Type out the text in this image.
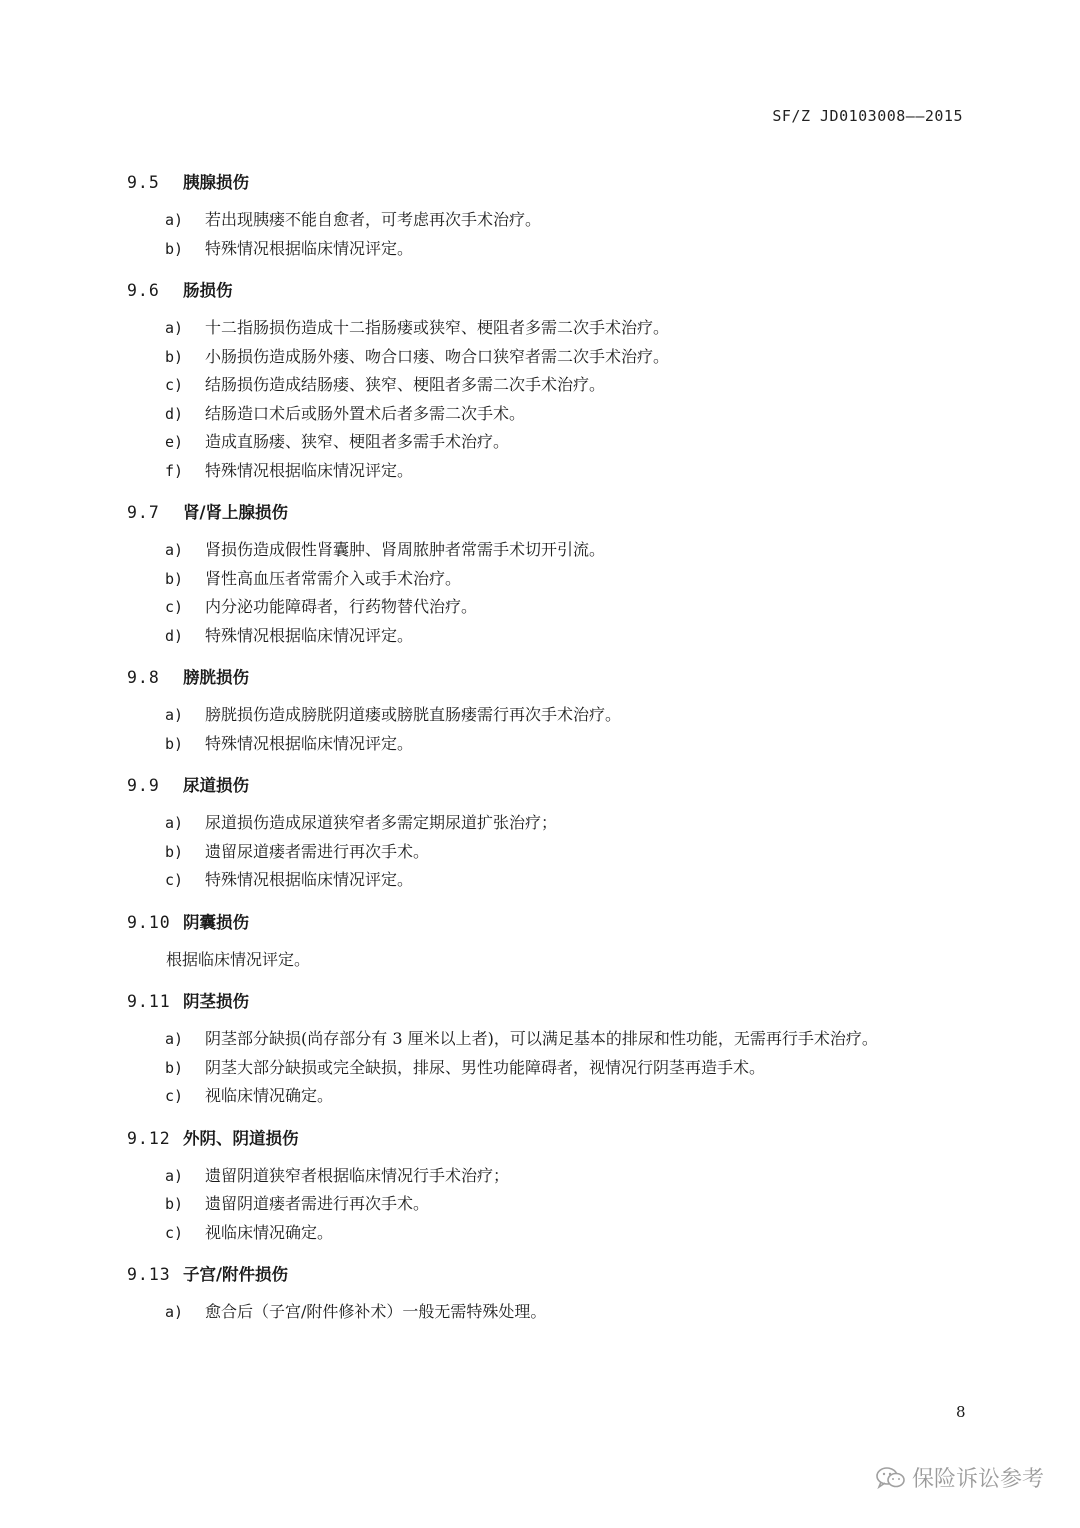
SF/Z JD0103008——2015
9.5 胰腺损伤
a) 若出现胰瘘不能自愈者，可考虑再次手术治疗。
b) 特殊情况根据临床情况评定。
9.6 肠损伤
a) 十二指肠损伤造成十二指肠瘘或狭窄、梗阻者多需二次手术治疗。
b) 小肠损伤造成肠外瘘、吻合口瘘、吻合口狭窄者需二次手术治疗。
c) 结肠损伤造成结肠瘘、狭窄、梗阻者多需二次手术治疗。
d) 结肠造口术后或肠外置术后者多需二次手术。
e) 造成直肠瘘、狭窄、梗阻者多需手术治疗。
f) 特殊情况根据临床情况评定。
9.7 肾/肾上腺损伤
a) 肾损伤造成假性肾囊肿、肾周脓肿者常需手术切开引流。
b) 肾性高血压者常需介入或手术治疗。
c) 内分泌功能障碍者，行药物替代治疗。
d) 特殊情况根据临床情况评定。
9.8 膀胱损伤
a) 膀胱损伤造成膀胱阴道瘘或膀胱直肠瘘需行再次手术治疗。
b) 特殊情况根据临床情况评定。
9.9 尿道损伤
a) 尿道损伤造成尿道狭窄者多需定期尿道扩张治疗；
b) 遗留尿道瘘者需进行再次手术。
c) 特殊情况根据临床情况评定。
9.10 阴囊损伤
根据临床情况评定。
9.11 阴茎损伤
a) 阴茎部分缺损(尚存部分有 3 厘米以上者)，可以满足基本的排尿和性功能，无需再行手术治疗。
b) 阴茎大部分缺损或完全缺损，排尿、男性功能障碍者，视情况行阴茎再造手术。
c) 视临床情况确定。
9.12 外阴、阴道损伤
a) 遗留阴道狭窄者根据临床情况行手术治疗；
b) 遗留阴道瘘者需进行再次手术。
c) 视临床情况确定。
9.13 子宫/附件损伤
a) 愈合后（子宫/附件修补术）一般无需特殊处理。
8
保险诉讼参考
